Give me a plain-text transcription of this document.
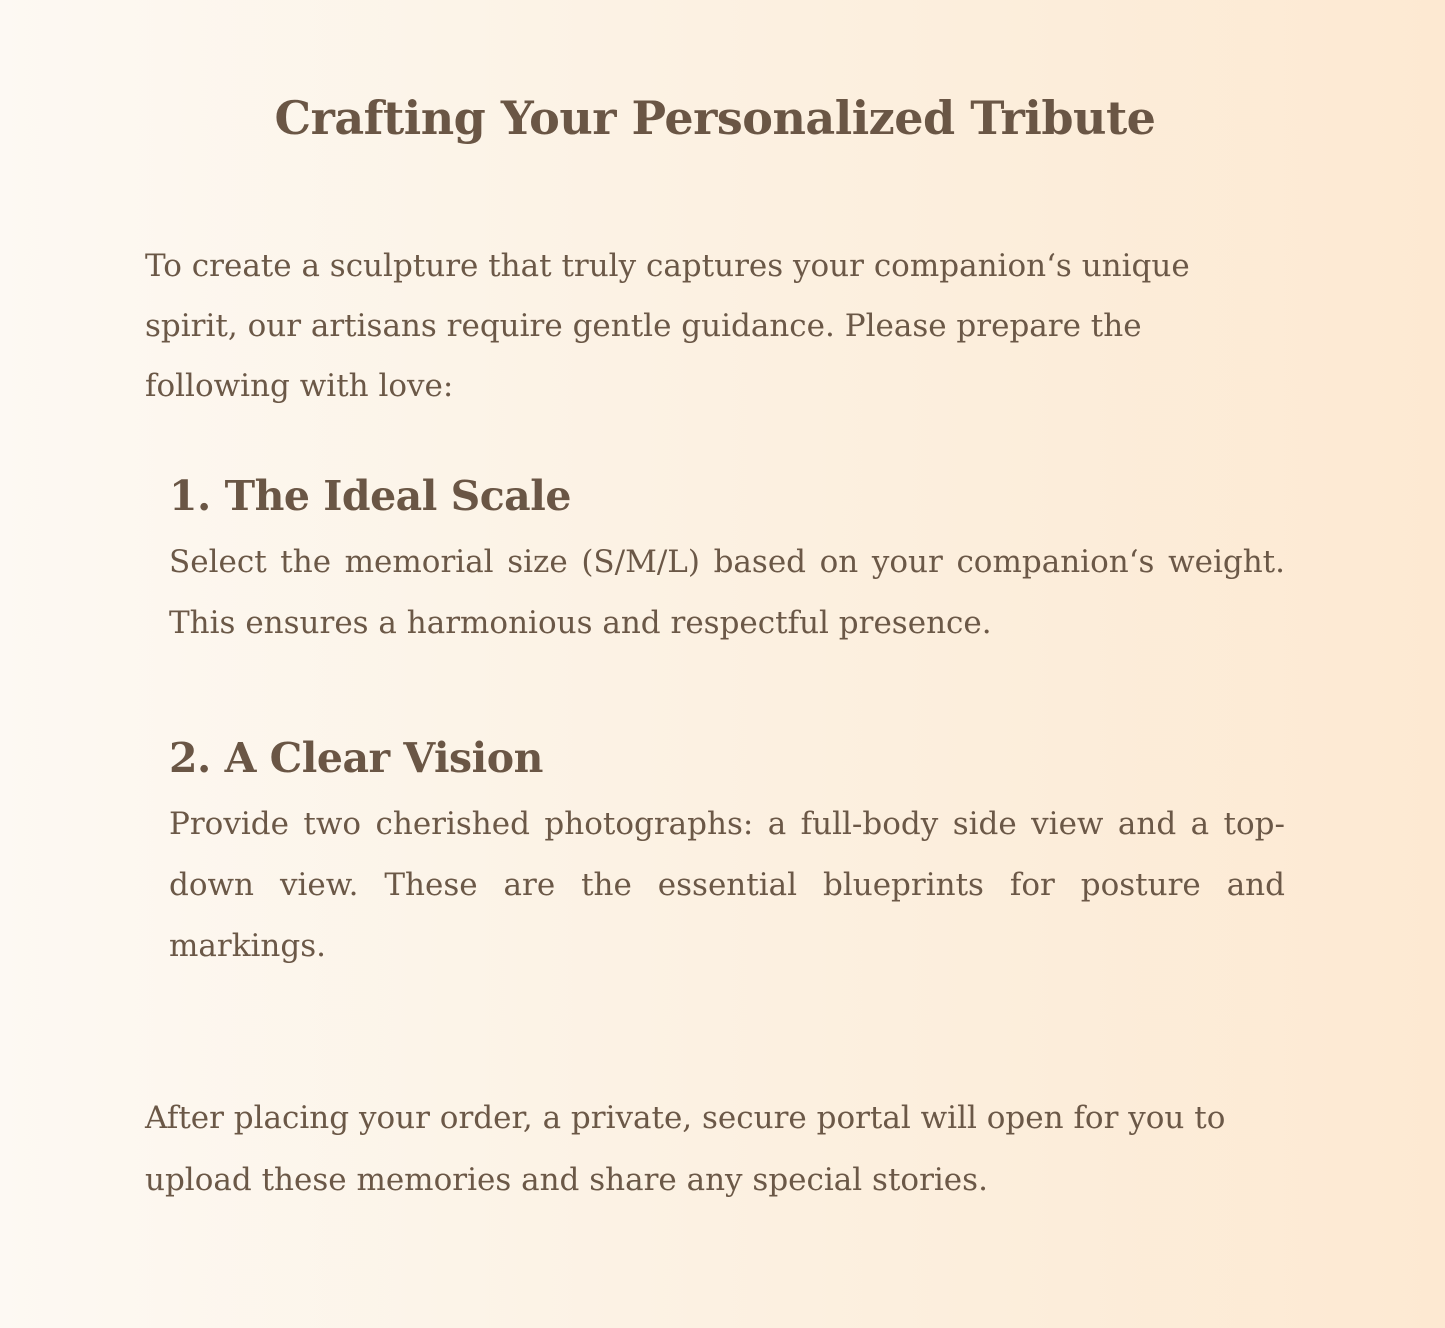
Crafting Your Personalized Tribute

To create a sculpture that truly captures your companion‘s unique spirit, our artisans require gentle guidance. Please prepare the following with love:

1. The Ideal Scale

Select the memorial size (S/M/L) based on your companion‘s weight. This ensures a harmonious and respectful presence.

2. A Clear Vision

Provide two cherished photographs: a full-body side view and a top-down view. These are the essential blueprints for posture and markings.

After placing your order, a private, secure portal will open for you to upload these memories and share any special stories.
